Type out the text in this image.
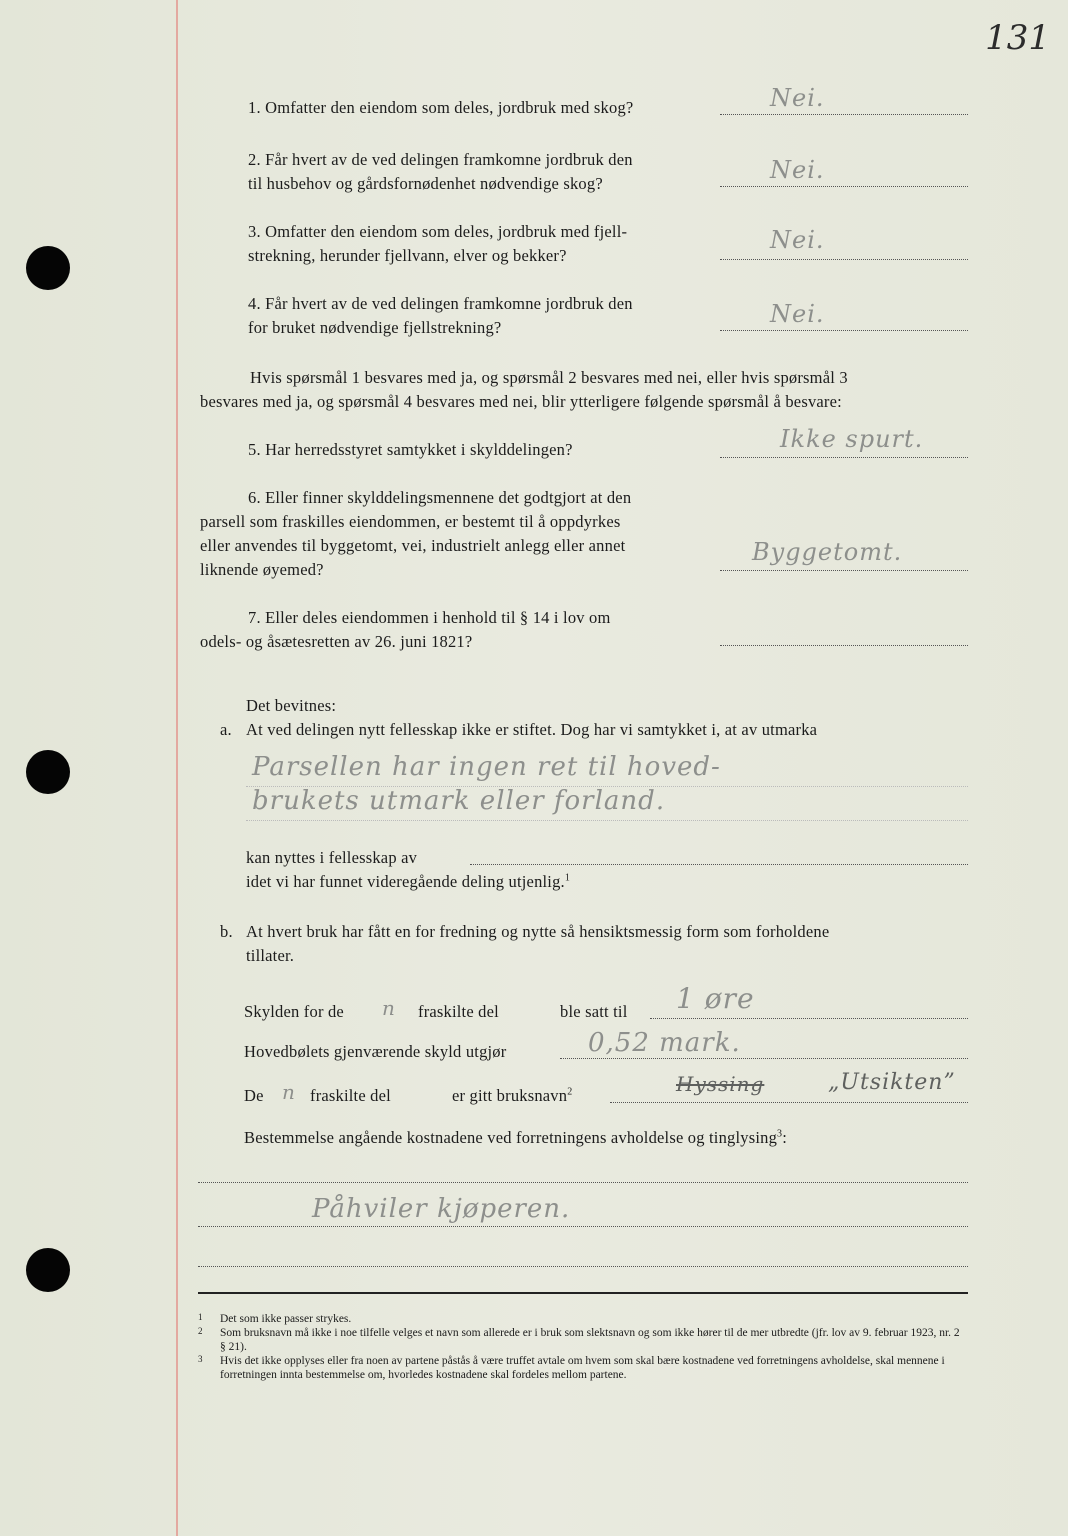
131

1. Omfatter den eiendom som deles, jordbruk med skog?	Nei.

2. Får hvert av de ved delingen framkomne jordbruk den

til husbehov og gårdsfornødenhet nødvendige skog?	Nei.

3. Omfatter den eiendom som deles, jordbruk med fjell-

strekning, herunder fjellvann, elver og bekker?

Nei.

4. Får hvert av de ved delingen framkomne jordbruk den

for bruket nødvendige fjellstrekning?	Nei.

Hvis spørsmål 1 besvares med ja, og spørsmål 2 besvares med nei, eller hvis spørsmål 3

besvares med ja, og spørsmål 4 besvares med nei, blir ytterligere følgende spørsmål å besvare:

5. Har herredsstyret samtykket i skylddelingen?	Ikke spurt.

6. Eller finner skylddelingsmennene det godtgjort at den

parsell som fraskilles eiendommen, er bestemt til å oppdyrkes

eller anvendes til byggetomt, vei, industrielt anlegg eller annet

liknende øyemed?

Byggetomt.

7. Eller deles eiendommen i henhold til § 14 i lov om

odels- og åsætesretten av 26. juni 1821?

Det bevitnes:
a. At ved delingen nytt fellesskap ikke er stiftet. Dog har vi samtykket i, at av utmarka
Parsellen har ingen ret til hoved-
brukets utmark eller forland.
kan nyttes i fellesskap av
idet vi har funnet videregående deling utjenlig.$^1$
b. At hvert bruk har fått en for fredning og nytte så hensiktsmessig form som forholdene

tillater.

Skylden for de n fraskilte del	ble satt til 1 øre
Hovedbølets gjenværende skyld utgjør	0,52 mark.
De n fraskilte del	er gitt bruksnavn$^2$	Hyssing	„Utsikten”
Bestemmelse angående kostnadene ved forretningens avholdelse og tinglysing$^3$:
Påhviler kjøperen.
1 Det som ikke passer strykes.
2 Som bruksnavn må ikke i noe tilfelle velges et navn som allerede er i bruk som slektsnavn og som ikke hører til de mer utbredte (jfr. lov av 9. februar 1923, nr. 2 § 21).
3 Hvis det ikke opplyses eller fra noen av partene påstås å være truffet avtale om hvem som skal bære kostnadene ved forretningens avholdelse, skal mennene i forretningen innta bestemmelse om, hvorledes kostnadene skal fordeles mellom partene.
